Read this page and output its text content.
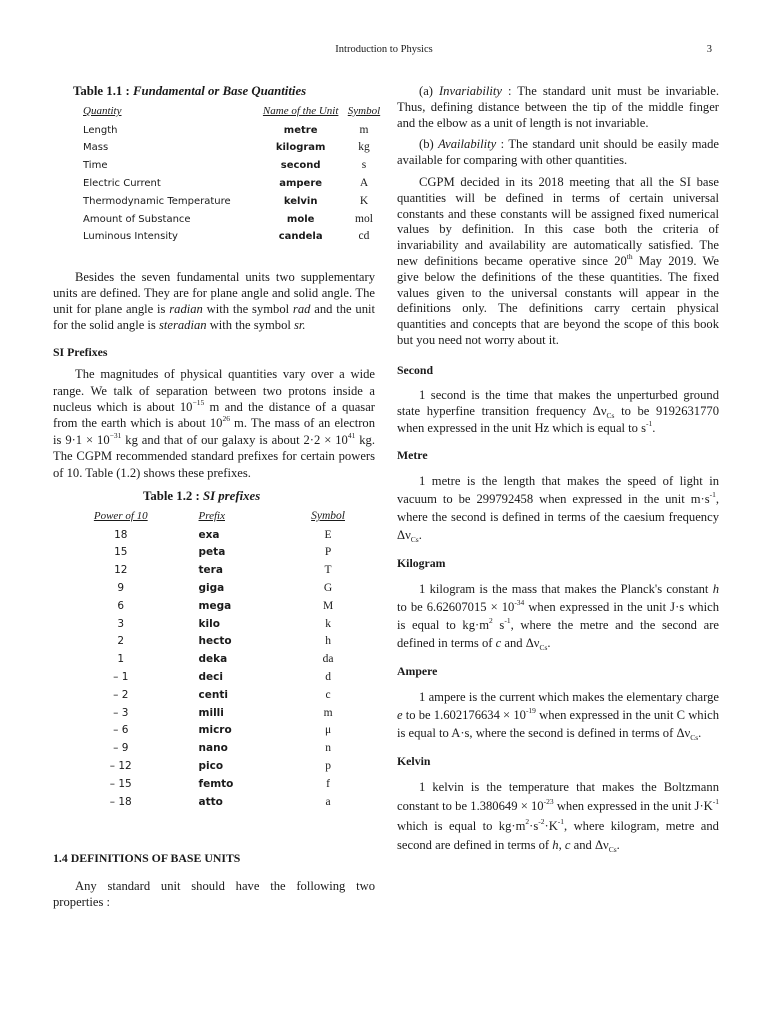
Introduction to Physics	3
Table 1.1 : Fundamental or Base Quantities
Quantity	Name of the Unit	Symbol
Length	metre	m
Mass	kilogram	kg
Time	second	s
Electric Current	ampere	A
Thermodynamic Temperature	kelvin	K
Amount of Substance	mole	mol
Luminous Intensity	candela	cd

Besides the seven fundamental units two supplementary units are defined. They are for plane angle and solid angle. The unit for plane angle is radian with the symbol rad and the unit for the solid angle is steradian with the symbol sr.

SI Prefixes

The magnitudes of physical quantities vary over a wide range. We talk of separation between two protons inside a nucleus which is about $10^{-15}$ m and the distance of a quasar from the earth which is about $10^{26}$ m. The mass of an electron is $9\cdot 1 \times 10^{-31}$ kg and that of our galaxy is about $2\cdot 2 \times 10^{41}$ kg. The CGPM recommended standard prefixes for certain powers of 10. Table (1.2) shows these prefixes.

Table 1.2 : SI prefixes
Power of 10	Prefix	Symbol
18	exa	E
15	peta	P
12	tera	T
9	giga	G
6	mega	M
3	kilo	k
2	hecto	h
1	deka	da
– 1	deci	d
– 2	centi	c
– 3	milli	m
– 6	micro	μ
– 9	nano	n
– 12	pico	p
– 15	femto	f
– 18	atto	a
1.4 DEFINITIONS OF BASE UNITS

Any standard unit should have the following two properties :

(a) Invariability : The standard unit must be invariable. Thus, defining distance between the tip of the middle finger and the elbow as a unit of length is not invariable.

(b) Availability : The standard unit should be easily made available for comparing with other quantities.

CGPM decided in its 2018 meeting that all the SI base quantities will be defined in terms of certain universal constants and these constants will be assigned fixed numerical values by definition. In this case both the criteria of invariability and availability are automatically satisfied. The new definitions became operative since 20th May 2019. We give below the definitions of the these quantities. The fixed values given to the universal constants will appear in the definitions only. The definitions carry certain physical quantities and concepts that are beyond the scope of this book but you need not worry about it.

Second

1 second is the time that makes the unperturbed ground state hyperfine transition frequency $\Delta\nu_{Cs}$ to be 9192631770 when expressed in the unit Hz which is equal to $s^{-1}$.

Metre

1 metre is the length that makes the speed of light in vacuum to be 299792458 when expressed in the unit $m\cdot s^{-1}$, where the second is defined in terms of the caesium frequency $\Delta\nu_{Cs}$.

Kilogram

1 kilogram is the mass that makes the Planck's constant h to be $6.62607015 \times 10^{-34}$ when expressed in the unit J·s which is equal to $kg\cdot m^2$ $s^{-1}$, where the metre and the second are defined in terms of c and $\Delta\nu_{Cs}$.

Ampere

1 ampere is the current which makes the elementary charge e to be $1.602176634 \times 10^{-19}$ when expressed in the unit C which is equal to A·s, where the second is defined in terms of $\Delta\nu_{Cs}$.

Kelvin

1 kelvin is the temperature that makes the Boltzmann constant to be $1.380649 \times 10^{-23}$ when expressed in the unit $J\cdot K^{-1}$ which is equal to $kg\cdot m^2\cdot s^{-2}\cdot K^{-1}$, where kilogram, metre and second are defined in terms of h, c and $\Delta\nu_{Cs}$.
